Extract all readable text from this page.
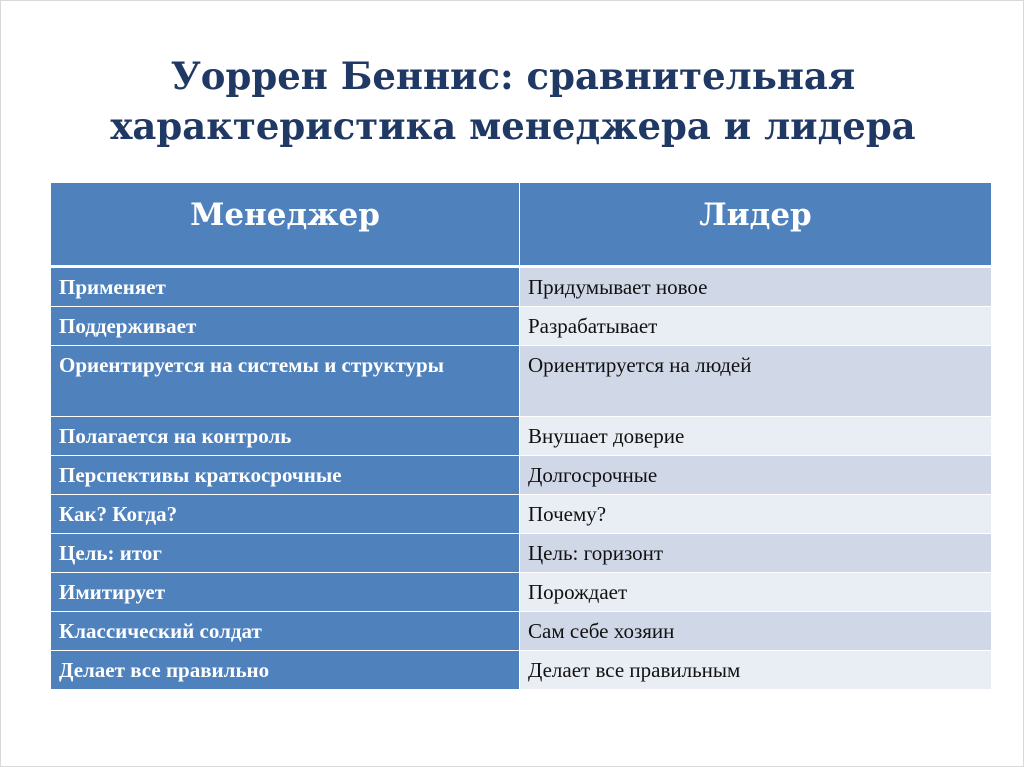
Уоррен Беннис: сравнительная
характеристика менеджера и лидера
Менеджер	Лидер
Применяет	Придумывает новое
Поддерживает	Разрабатывает
Ориентируется на системы и структуры	Ориентируется на людей
Полагается на контроль	Внушает доверие
Перспективы краткосрочные	Долгосрочные
Как? Когда?	Почему?
Цель: итог	Цель: горизонт
Имитирует	Порождает
Классический солдат	Сам себе хозяин
Делает все правильно	Делает все правильным
